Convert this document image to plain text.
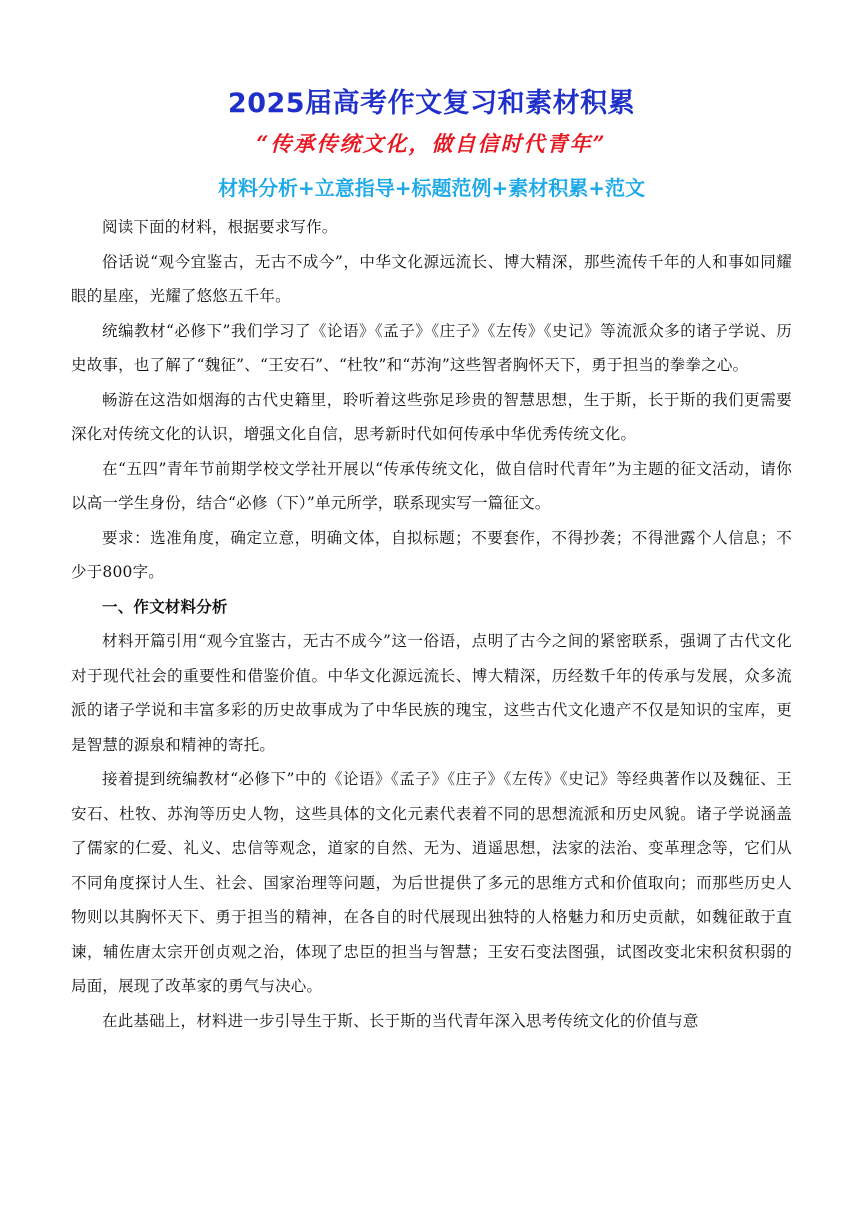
2025届高考作文复习和素材积累
“传承传统文化，做自信时代青年”
材料分析+立意指导+标题范例+素材积累+范文

阅读下面的材料，根据要求写作。

俗话说“观今宜鉴古，无古不成今”，中华文化源远流长、博大精深，那些流传千年的人和事如同耀眼的星座，光耀了悠悠五千年。

统编教材“必修下”我们学习了《论语》《孟子》《庄子》《左传》《史记》等流派众多的诸子学说、历史故事，也了解了“魏征”、“王安石”、“杜牧”和“苏洵”这些智者胸怀天下，勇于担当的拳拳之心。

畅游在这浩如烟海的古代史籍里，聆听着这些弥足珍贵的智慧思想，生于斯，长于斯的我们更需要深化对传统文化的认识，增强文化自信，思考新时代如何传承中华优秀传统文化。

在“五四”青年节前期学校文学社开展以“传承传统文化，做自信时代青年”为主题的征文活动，请你以高一学生身份，结合“必修（下）”单元所学，联系现实写一篇征文。

要求：选准角度，确定立意，明确文体，自拟标题；不要套作，不得抄袭；不得泄露个人信息；不少于800字。

一、作文材料分析

材料开篇引用“观今宜鉴古，无古不成今”这一俗语，点明了古今之间的紧密联系，强调了古代文化对于现代社会的重要性和借鉴价值。中华文化源远流长、博大精深，历经数千年的传承与发展，众多流派的诸子学说和丰富多彩的历史故事成为了中华民族的瑰宝，这些古代文化遗产不仅是知识的宝库，更是智慧的源泉和精神的寄托。

接着提到统编教材“必修下”中的《论语》《孟子》《庄子》《左传》《史记》等经典著作以及魏征、王安石、杜牧、苏洵等历史人物，这些具体的文化元素代表着不同的思想流派和历史风貌。诸子学说涵盖了儒家的仁爱、礼义、忠信等观念，道家的自然、无为、逍遥思想，法家的法治、变革理念等，它们从不同角度探讨人生、社会、国家治理等问题，为后世提供了多元的思维方式和价值取向；而那些历史人物则以其胸怀天下、勇于担当的精神，在各自的时代展现出独特的人格魅力和历史贡献，如魏征敢于直谏，辅佐唐太宗开创贞观之治，体现了忠臣的担当与智慧；王安石变法图强，试图改变北宋积贫积弱的局面，展现了改革家的勇气与决心。

在此基础上，材料进一步引导生于斯、长于斯的当代青年深入思考传统文化的价值与意
